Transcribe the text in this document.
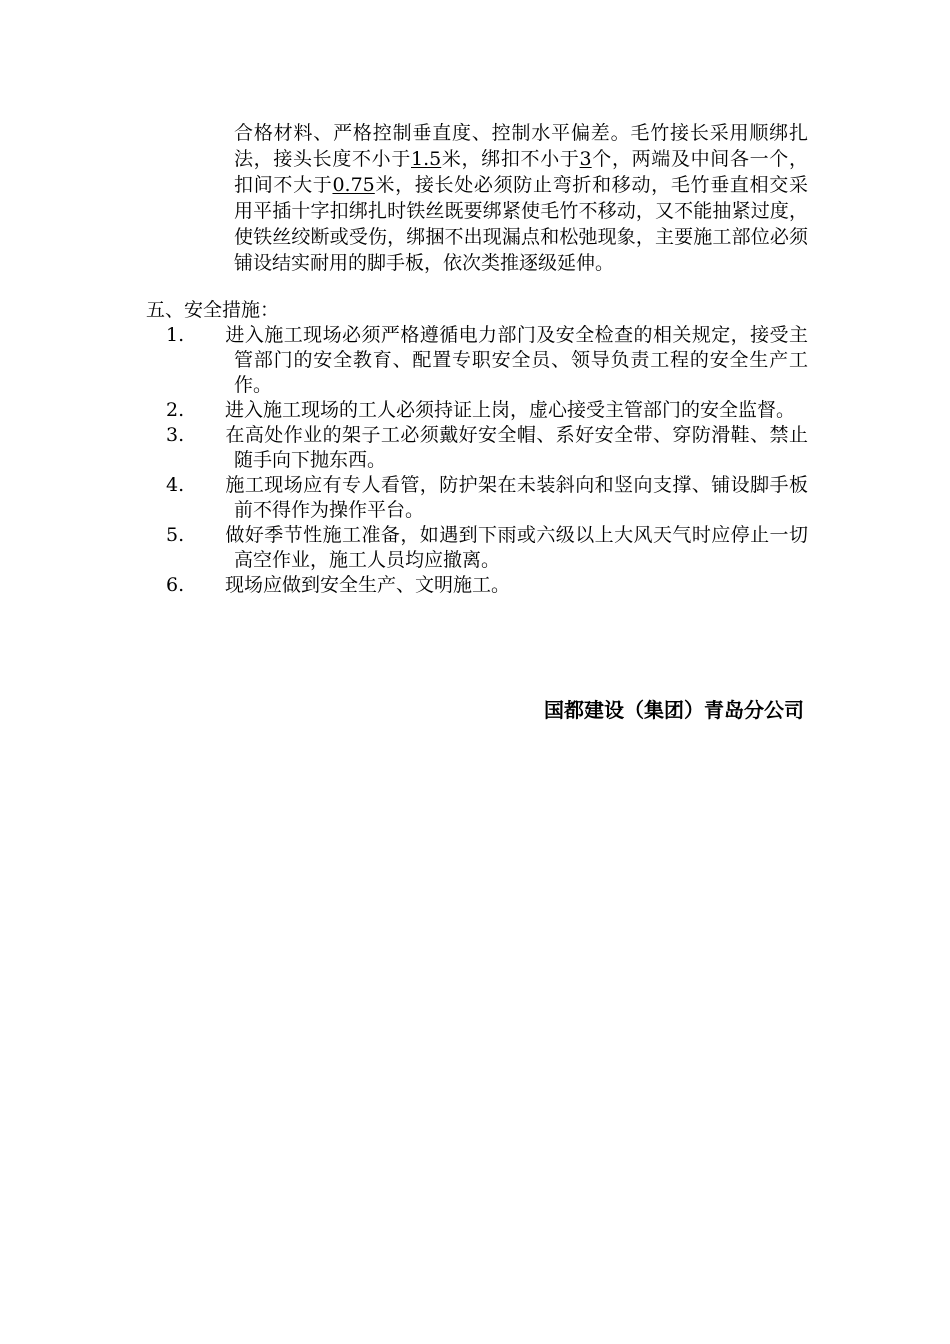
合格材料、严格控制垂直度、控制水平偏差。毛竹接长采用顺绑扎法，接头长度不小于1.5米，绑扣不小于3个，两端及中间各一个，扣间不大于0.75米，接长处必须防止弯折和移动，毛竹垂直相交采用平插十字扣绑扎时铁丝既要绑紧使毛竹不移动，又不能抽紧过度，使铁丝绞断或受伤，绑捆不出现漏点和松弛现象，主要施工部位必须铺设结实耐用的脚手板，依次类推逐级延伸。

五、安全措施：
1. 进入施工现场必须严格遵循电力部门及安全检查的相关规定，接受主管部门的安全教育、配置专职安全员、领导负责工程的安全生产工作。
2. 进入施工现场的工人必须持证上岗，虚心接受主管部门的安全监督。
3. 在高处作业的架子工必须戴好安全帽、系好安全带、穿防滑鞋、禁止随手向下抛东西。
4. 施工现场应有专人看管，防护架在未装斜向和竖向支撑、铺设脚手板前不得作为操作平台。
5. 做好季节性施工准备，如遇到下雨或六级以上大风天气时应停止一切高空作业，施工人员均应撤离。
6. 现场应做到安全生产、文明施工。
国都建设（集团）青岛分公司
